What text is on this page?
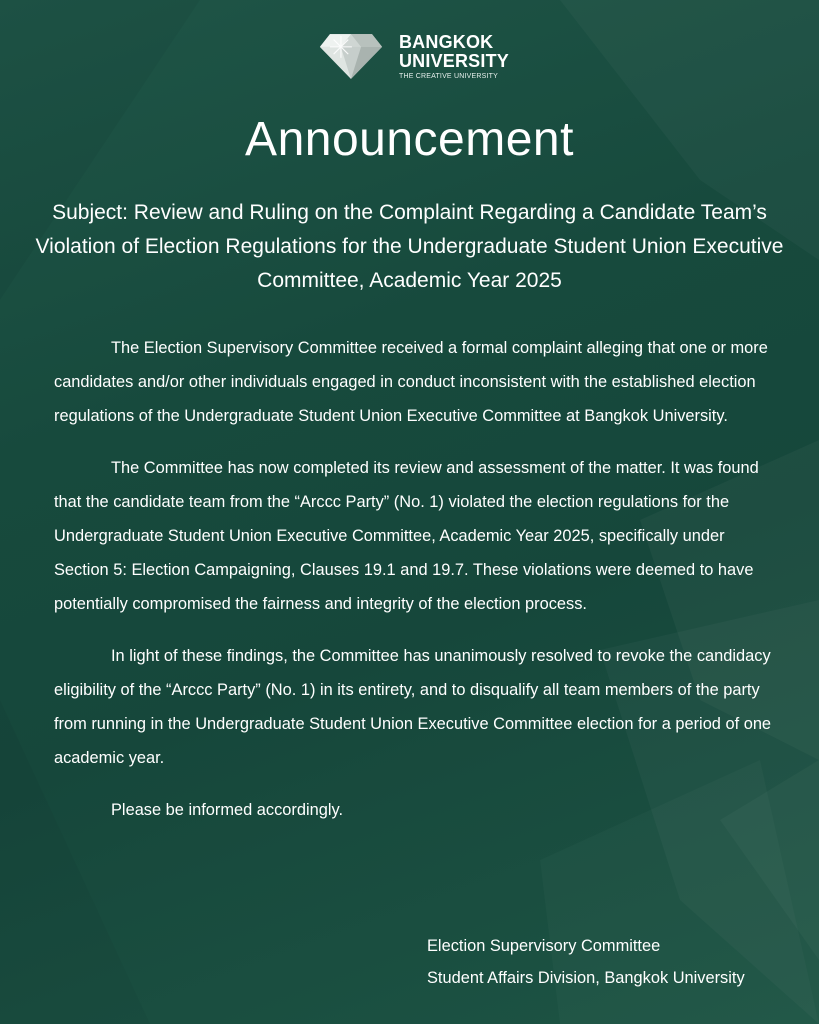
BANGKOK
UNIVERSITY
THE CREATIVE UNIVERSITY
Announcement

Subject: Review and Ruling on the Complaint Regarding a Candidate Team’s Violation of Election Regulations for the Undergraduate Student Union Executive Committee, Academic Year 2025

The Election Supervisory Committee received a formal complaint alleging that one or more candidates and/or other individuals engaged in conduct inconsistent with the established election regulations of the Undergraduate Student Union Executive Committee at Bangkok University.

The Committee has now completed its review and assessment of the matter. It was found that the candidate team from the “Arccc Party” (No. 1) violated the election regulations for the Undergraduate Student Union Executive Committee, Academic Year 2025, specifically under Section 5: Election Campaigning, Clauses 19.1 and 19.7. These violations were deemed to have potentially compromised the fairness and integrity of the election process.

In light of these findings, the Committee has unanimously resolved to revoke the candidacy eligibility of the “Arccc Party” (No. 1) in its entirety, and to disqualify all team members of the party from running in the Undergraduate Student Union Executive Committee election for a period of one academic year.

Please be informed accordingly.

Election Supervisory Committee
Student Affairs Division, Bangkok University
